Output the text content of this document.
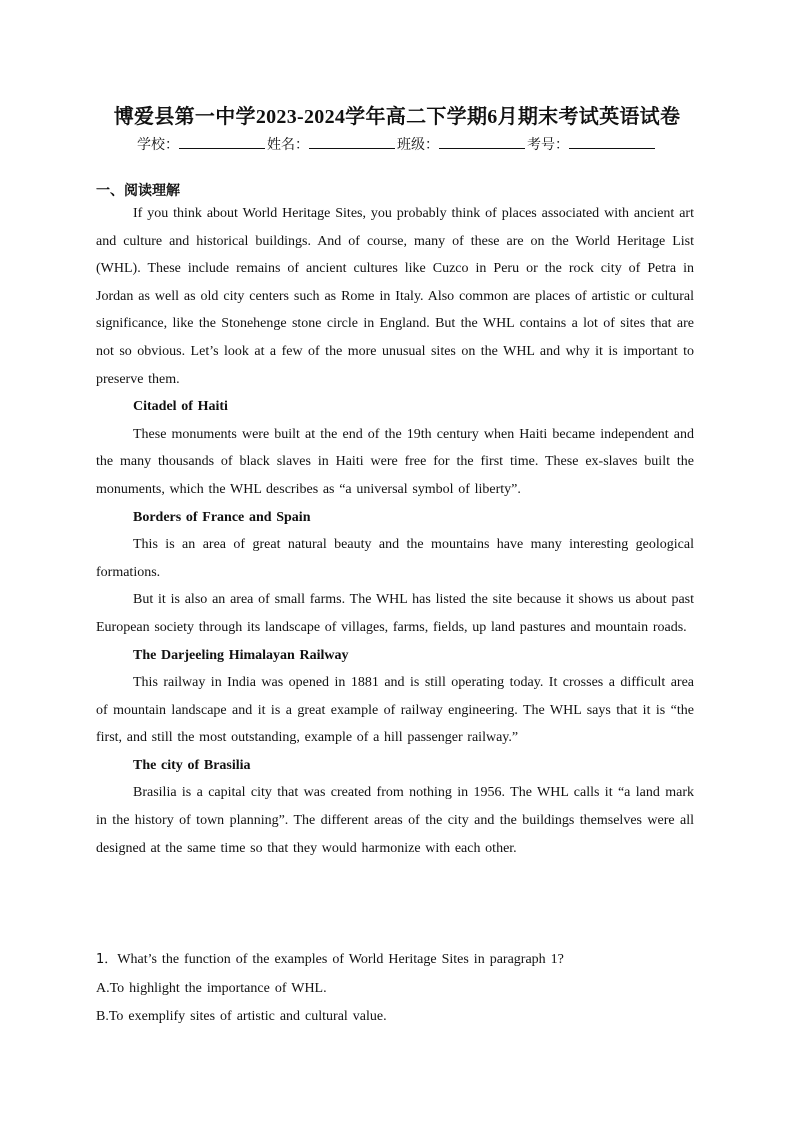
博爱县第一中学2023-2024学年高二下学期6月期末考试英语试卷
学校：	姓名：	班级：	考号：
一、阅读理解

If you think about World Heritage Sites, you probably think of places associated with ancient art and culture and historical buildings. And of course, many of these are on the World Heritage List (WHL). These include remains of ancient cultures like Cuzco in Peru or the rock city of Petra in Jordan as well as old city centers such as Rome in Italy. Also common are places of artistic or cultural significance, like the Stonehenge stone circle in England. But the WHL contains a lot of sites that are not so obvious. Let’s look at a few of the more unusual sites on the WHL and why it is important to preserve them.

Citadel of Haiti

These monuments were built at the end of the 19th century when Haiti became independent and the many thousands of black slaves in Haiti were free for the first time. These ex-slaves built the monuments, which the WHL describes as “a universal symbol of liberty”.

Borders of France and Spain

This is an area of great natural beauty and the mountains have many interesting geological formations.

But it is also an area of small farms. The WHL has listed the site because it shows us about past European society through its landscape of villages, farms, fields, up land pastures and mountain roads.

The Darjeeling Himalayan Railway

This railway in India was opened in 1881 and is still operating today. It crosses a difficult area of mountain landscape and it is a great example of railway engineering. The WHL says that it is “the first, and still the most outstanding, example of a hill passenger railway.”

The city of Brasilia

Brasilia is a capital city that was created from nothing in 1956. The WHL calls it “a land mark in the history of town planning”. The different areas of the city and the buildings themselves were all designed at the same time so that they would harmonize with each other.

1．What’s the function of the examples of World Heritage Sites in paragraph 1?
A.To highlight the importance of WHL.
B.To exemplify sites of artistic and cultural value.
